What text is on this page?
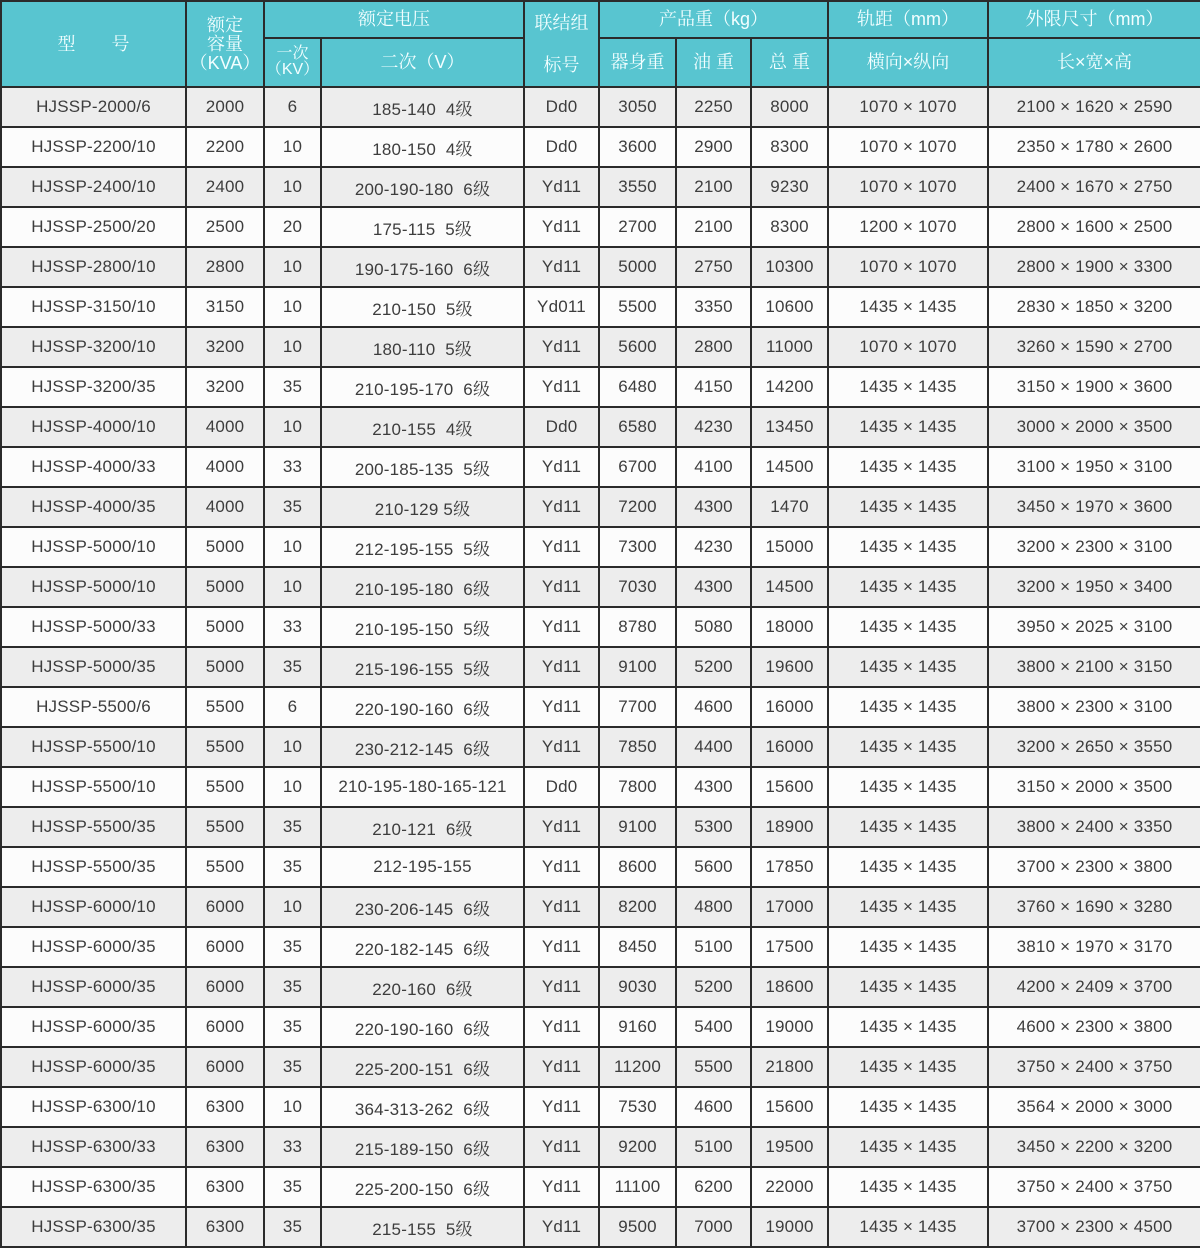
型　　号	额定
容量
（KVA）	额定电压		联结组
标号	产品重（kg）			轨距（mm）	外限尺寸（mm）

		一次
（KV）	二次（V）		器身重	油 重	总 重	横向×纵向	长×宽×高
HJSSP-2000/6	2000	6	185-140  4级	Dd0	3050	2250	8000	1070 × 1070	2100 × 1620 × 2590
HJSSP-2200/10	2200	10	180-150  4级	Dd0	3600	2900	8300	1070 × 1070	2350 × 1780 × 2600
HJSSP-2400/10	2400	10	200-190-180  6级	Yd11	3550	2100	9230	1070 × 1070	2400 × 1670 × 2750
HJSSP-2500/20	2500	20	175-115  5级	Yd11	2700	2100	8300	1200 × 1070	2800 × 1600 × 2500
HJSSP-2800/10	2800	10	190-175-160  6级	Yd11	5000	2750	10300	1070 × 1070	2800 × 1900 × 3300
HJSSP-3150/10	3150	10	210-150  5级	Yd011	5500	3350	10600	1435 × 1435	2830 × 1850 × 3200
HJSSP-3200/10	3200	10	180-110  5级	Yd11	5600	2800	11000	1070 × 1070	3260 × 1590 × 2700
HJSSP-3200/35	3200	35	210-195-170  6级	Yd11	6480	4150	14200	1435 × 1435	3150 × 1900 × 3600
HJSSP-4000/10	4000	10	210-155  4级	Dd0	6580	4230	13450	1435 × 1435	3000 × 2000 × 3500
HJSSP-4000/33	4000	33	200-185-135  5级	Yd11	6700	4100	14500	1435 × 1435	3100 × 1950 × 3100
HJSSP-4000/35	4000	35	210-129 5级	Yd11	7200	4300	1470	1435 × 1435	3450 × 1970 × 3600
HJSSP-5000/10	5000	10	212-195-155  5级	Yd11	7300	4230	15000	1435 × 1435	3200 × 2300 × 3100
HJSSP-5000/10	5000	10	210-195-180  6级	Yd11	7030	4300	14500	1435 × 1435	3200 × 1950 × 3400
HJSSP-5000/33	5000	33	210-195-150  5级	Yd11	8780	5080	18000	1435 × 1435	3950 × 2025 × 3100
HJSSP-5000/35	5000	35	215-196-155  5级	Yd11	9100	5200	19600	1435 × 1435	3800 × 2100 × 3150
HJSSP-5500/6	5500	6	220-190-160  6级	Yd11	7700	4600	16000	1435 × 1435	3800 × 2300 × 3100
HJSSP-5500/10	5500	10	230-212-145  6级	Yd11	7850	4400	16000	1435 × 1435	3200 × 2650 × 3550
HJSSP-5500/10	5500	10	210-195-180-165-121	Dd0	7800	4300	15600	1435 × 1435	3150 × 2000 × 3500
HJSSP-5500/35	5500	35	210-121  6级	Yd11	9100	5300	18900	1435 × 1435	3800 × 2400 × 3350
HJSSP-5500/35	5500	35	212-195-155	Yd11	8600	5600	17850	1435 × 1435	3700 × 2300 × 3800
HJSSP-6000/10	6000	10	230-206-145  6级	Yd11	8200	4800	17000	1435 × 1435	3760 × 1690 × 3280
HJSSP-6000/35	6000	35	220-182-145  6级	Yd11	8450	5100	17500	1435 × 1435	3810 × 1970 × 3170
HJSSP-6000/35	6000	35	220-160  6级	Yd11	9030	5200	18600	1435 × 1435	4200 × 2409 × 3700
HJSSP-6000/35	6000	35	220-190-160  6级	Yd11	9160	5400	19000	1435 × 1435	4600 × 2300 × 3800
HJSSP-6000/35	6000	35	225-200-151  6级	Yd11	11200	5500	21800	1435 × 1435	3750 × 2400 × 3750
HJSSP-6300/10	6300	10	364-313-262  6级	Yd11	7530	4600	15600	1435 × 1435	3564 × 2000 × 3000
HJSSP-6300/33	6300	33	215-189-150  6级	Yd11	9200	5100	19500	1435 × 1435	3450 × 2200 × 3200
HJSSP-6300/35	6300	35	225-200-150  6级	Yd11	11100	6200	22000	1435 × 1435	3750 × 2400 × 3750
HJSSP-6300/35	6300	35	215-155  5级	Yd11	9500	7000	19000	1435 × 1435	3700 × 2300 × 4500
